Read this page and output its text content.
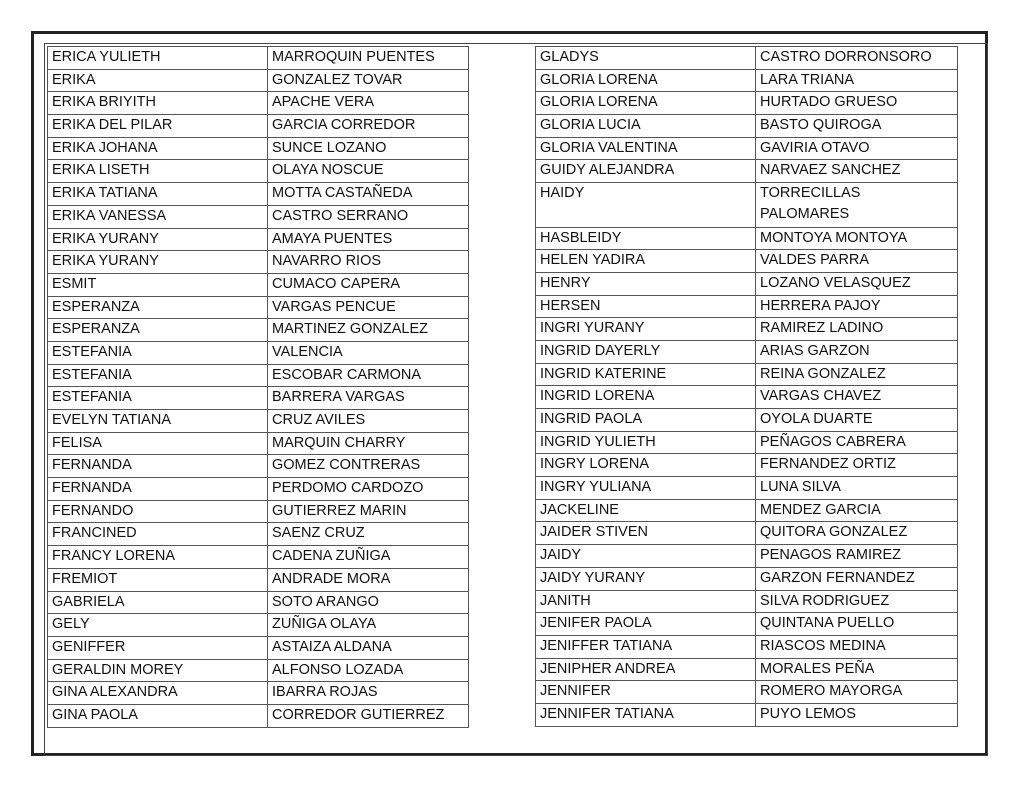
ERICA YULIETH	MARROQUIN PUENTES
ERIKA	GONZALEZ TOVAR
ERIKA BRIYITH	APACHE VERA
ERIKA DEL PILAR	GARCIA CORREDOR
ERIKA JOHANA	SUNCE LOZANO
ERIKA LISETH	OLAYA NOSCUE
ERIKA TATIANA	MOTTA CASTAÑEDA
ERIKA VANESSA	CASTRO SERRANO
ERIKA YURANY	AMAYA PUENTES
ERIKA YURANY	NAVARRO RIOS
ESMIT	CUMACO CAPERA
ESPERANZA	VARGAS PENCUE
ESPERANZA	MARTINEZ GONZALEZ
ESTEFANIA	VALENCIA
ESTEFANIA	ESCOBAR CARMONA
ESTEFANIA	BARRERA VARGAS
EVELYN TATIANA	CRUZ AVILES
FELISA	MARQUIN CHARRY
FERNANDA	GOMEZ CONTRERAS
FERNANDA	PERDOMO CARDOZO
FERNANDO	GUTIERREZ MARIN
FRANCINED	SAENZ CRUZ
FRANCY LORENA	CADENA ZUÑIGA
FREMIOT	ANDRADE MORA
GABRIELA	SOTO ARANGO
GELY	ZUÑIGA OLAYA
GENIFFER	ASTAIZA ALDANA
GERALDIN MOREY	ALFONSO LOZADA
GINA ALEXANDRA	IBARRA ROJAS
GINA PAOLA	CORREDOR GUTIERREZ
GLADYS	CASTRO DORRONSORO
GLORIA LORENA	LARA TRIANA
GLORIA LORENA	HURTADO GRUESO
GLORIA LUCIA	BASTO QUIROGA
GLORIA VALENTINA	GAVIRIA OTAVO
GUIDY ALEJANDRA	NARVAEZ SANCHEZ
HAIDY	TORRECILLAS PALOMARES
HASBLEIDY	MONTOYA MONTOYA
HELEN YADIRA	VALDES PARRA
HENRY	LOZANO VELASQUEZ
HERSEN	HERRERA PAJOY
INGRI YURANY	RAMIREZ LADINO
INGRID DAYERLY	ARIAS GARZON
INGRID KATERINE	REINA GONZALEZ
INGRID LORENA	VARGAS CHAVEZ
INGRID PAOLA	OYOLA DUARTE
INGRID YULIETH	PEÑAGOS CABRERA
INGRY LORENA	FERNANDEZ ORTIZ
INGRY YULIANA	LUNA SILVA
JACKELINE	MENDEZ GARCIA
JAIDER STIVEN	QUITORA GONZALEZ
JAIDY	PENAGOS RAMIREZ
JAIDY YURANY	GARZON FERNANDEZ
JANITH	SILVA RODRIGUEZ
JENIFER PAOLA	QUINTANA PUELLO
JENIFFER TATIANA	RIASCOS MEDINA
JENIPHER ANDREA	MORALES PEÑA
JENNIFER	ROMERO MAYORGA
JENNIFER TATIANA	PUYO LEMOS
